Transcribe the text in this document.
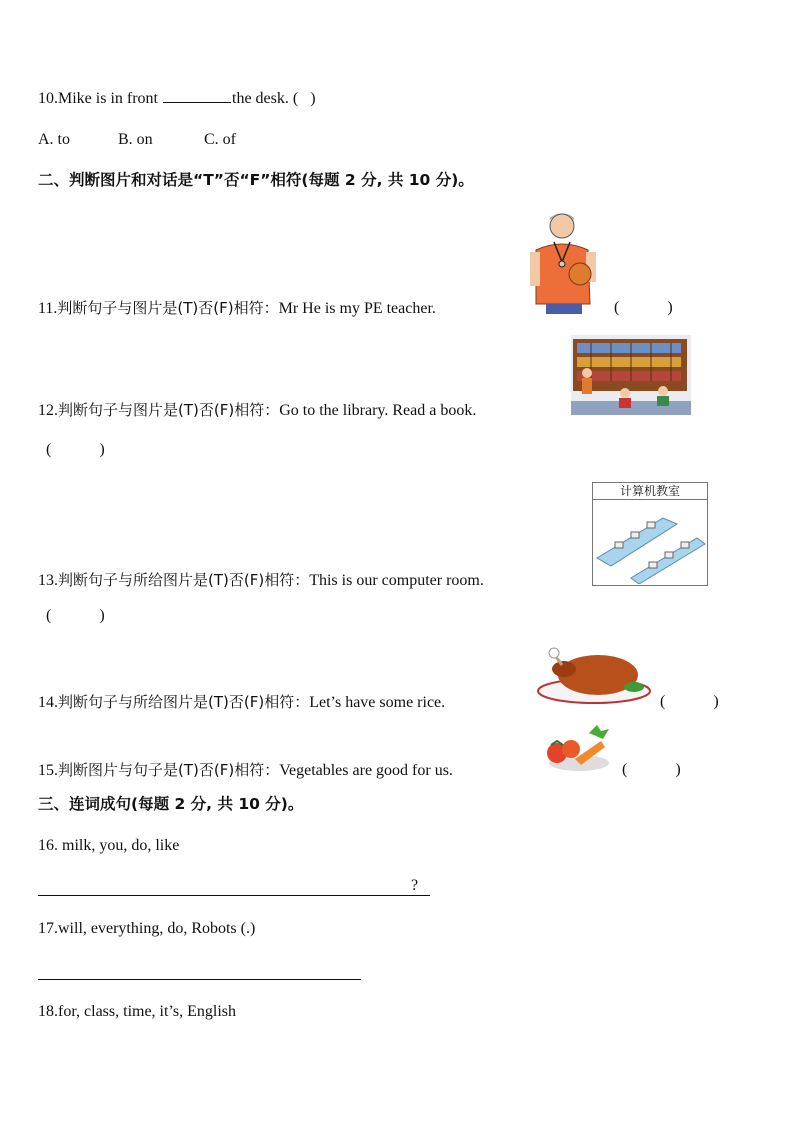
10.Mike is in front	the desk. ( )
A. to	B. on	C. of
二、判断图片和对话是“T”否“F”相符(每题 2 分, 共 10 分)。
11.判断句子与图片是(T)否(F)相符：Mr He is my PE teacher.	(　　　)
12.判断句子与图片是(T)否(F)相符：Go to the library. Read a book.
(　　　)
13.判断句子与所给图片是(T)否(F)相符：This is our computer room.
(　　　)
计算机教室
14.判断句子与所给图片是(T)否(F)相符：Let’s have some rice.	(　　　)
15.判断图片与句子是(T)否(F)相符：Vegetables are good for us.	(　　　)
三、连词成句(每题 2 分, 共 10 分)。
16. milk, you, do, like
?
17.will, everything, do, Robots (.)
18.for, class, time, it’s, English
